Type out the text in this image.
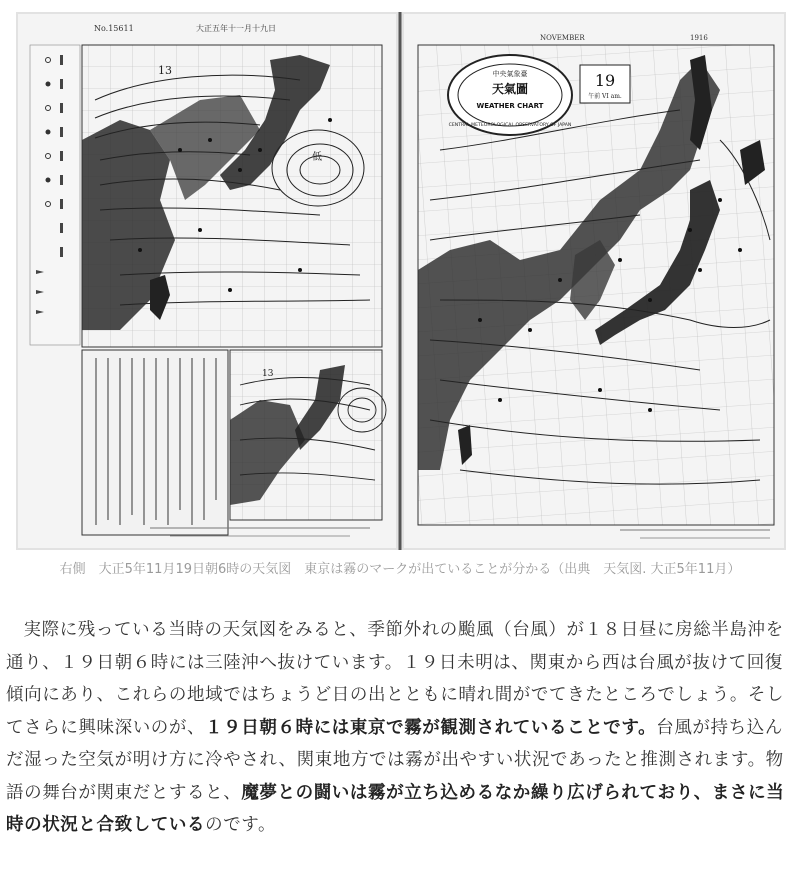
No.15611	大正五年十一月十九日
13
低
13
NOVEMBER	1916
中央氣象臺
天氣圖
WEATHER CHART
CENTRAL METEOROLOGICAL OBSERVATORY OF JAPAN
19
午前 VI am.
右側　大正5年11月19日朝6時の天気図　東京は霧のマークが出ていることが分かる（出典　天気図. 大正5年11月）
実際に残っている当時の天気図をみると、季節外れの颱風（台風）が１８日昼に房総半島沖を通り、１９日朝６時には三陸沖へ抜けています。１９日未明は、関東から西は台風が抜けて回復傾向にあり、これらの地域ではちょうど日の出とともに晴れ間がでてきたところでしょう。そしてさらに興味深いのが、１９日朝６時には東京で霧が観測されていることです。台風が持ち込んだ湿った空気が明け方に冷やされ、関東地方では霧が出やすい状況であったと推測されます。物語の舞台が関東だとすると、魔夢との闘いは霧が立ち込めるなか繰り広げられており、まさに当時の状況と合致しているのです。
